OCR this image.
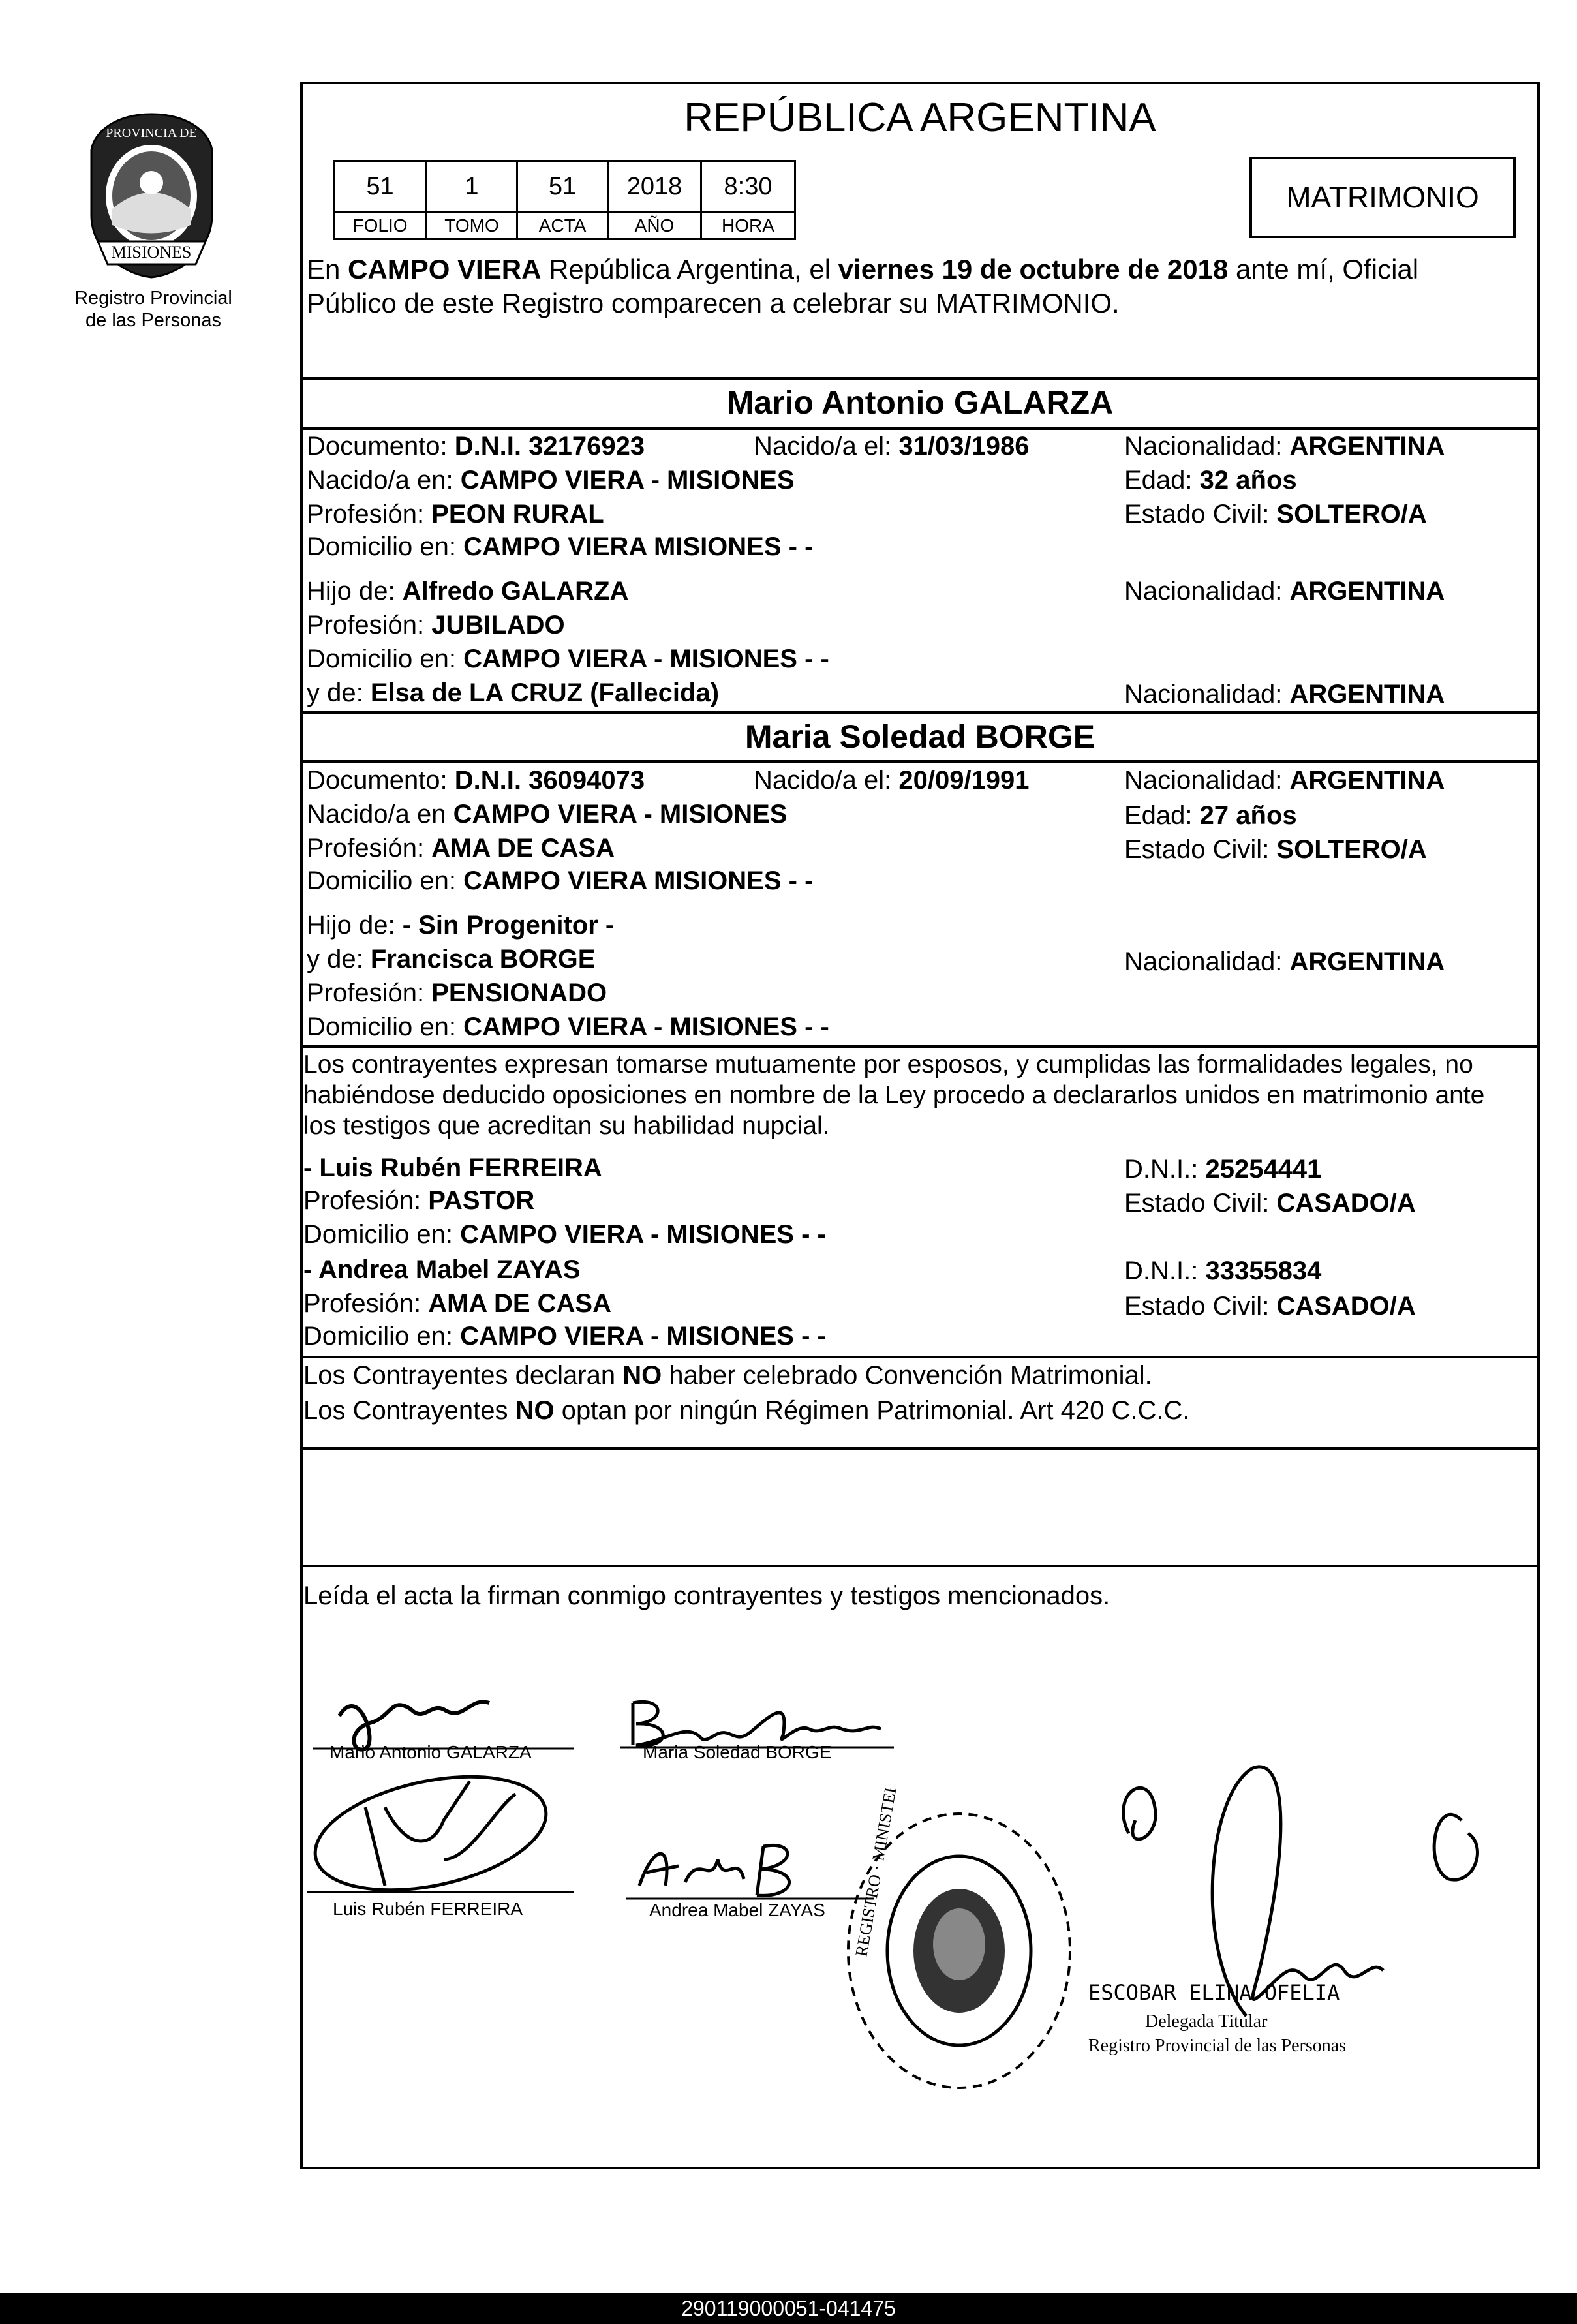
PROVINCIA DE
MISIONES
Registro Provincial
de las Personas
REPÚBLICA ARGENTINA
51	1	51	2018	8:30
FOLIO	TOMO	ACTA	AÑO	HORA
MATRIMONIO
En CAMPO VIERA República Argentina, el viernes 19 de octubre de 2018 ante mí, Oficial
Público de este Registro comparecen a celebrar su MATRIMONIO.
Mario Antonio GALARZA
Documento: D.N.I. 32176923	Nacido/a el: 31/03/1986	Nacionalidad: ARGENTINA
Nacido/a en: CAMPO VIERA - MISIONES	Edad: 32 años
Profesión: PEON RURAL	Estado Civil: SOLTERO/A
Domicilio en: CAMPO VIERA MISIONES - -
Hijo de: Alfredo GALARZA	Nacionalidad: ARGENTINA
Profesión: JUBILADO
Domicilio en: CAMPO VIERA - MISIONES - -
y de: Elsa de LA CRUZ (Fallecida)	Nacionalidad: ARGENTINA
Maria Soledad BORGE
Documento: D.N.I. 36094073	Nacido/a el: 20/09/1991	Nacionalidad: ARGENTINA
Nacido/a en CAMPO VIERA - MISIONES	Edad: 27 años
Profesión: AMA DE CASA	Estado Civil: SOLTERO/A
Domicilio en: CAMPO VIERA MISIONES - -
Hijo de: - Sin Progenitor -
y de: Francisca BORGE	Nacionalidad: ARGENTINA
Profesión: PENSIONADO
Domicilio en: CAMPO VIERA - MISIONES - -
Los contrayentes expresan tomarse mutuamente por esposos, y cumplidas las formalidades legales, no
habiéndose deducido oposiciones en nombre de la Ley procedo a declararlos unidos en matrimonio ante
los testigos que acreditan su habilidad nupcial.
- Luis Rubén FERREIRA	D.N.I.: 25254441
Profesión: PASTOR	Estado Civil: CASADO/A
Domicilio en: CAMPO VIERA - MISIONES - -
- Andrea Mabel ZAYAS	D.N.I.: 33355834
Profesión: AMA DE CASA	Estado Civil: CASADO/A
Domicilio en: CAMPO VIERA - MISIONES - -
Los Contrayentes declaran NO haber celebrado Convención Matrimonial.
Los Contrayentes NO optan por ningún Régimen Patrimonial. Art 420 C.C.C.
Leída el acta la firman conmigo contrayentes y testigos mencionados.
Mario Antonio GALARZA	Maria Soledad BORGE
Luis Rubén FERREIRA	Andrea Mabel ZAYAS REGISTRO · MINISTERIO
ESCOBAR ELINA OFELIA
Delegada Titular
Registro Provincial de las Personas
290119000051-041475
